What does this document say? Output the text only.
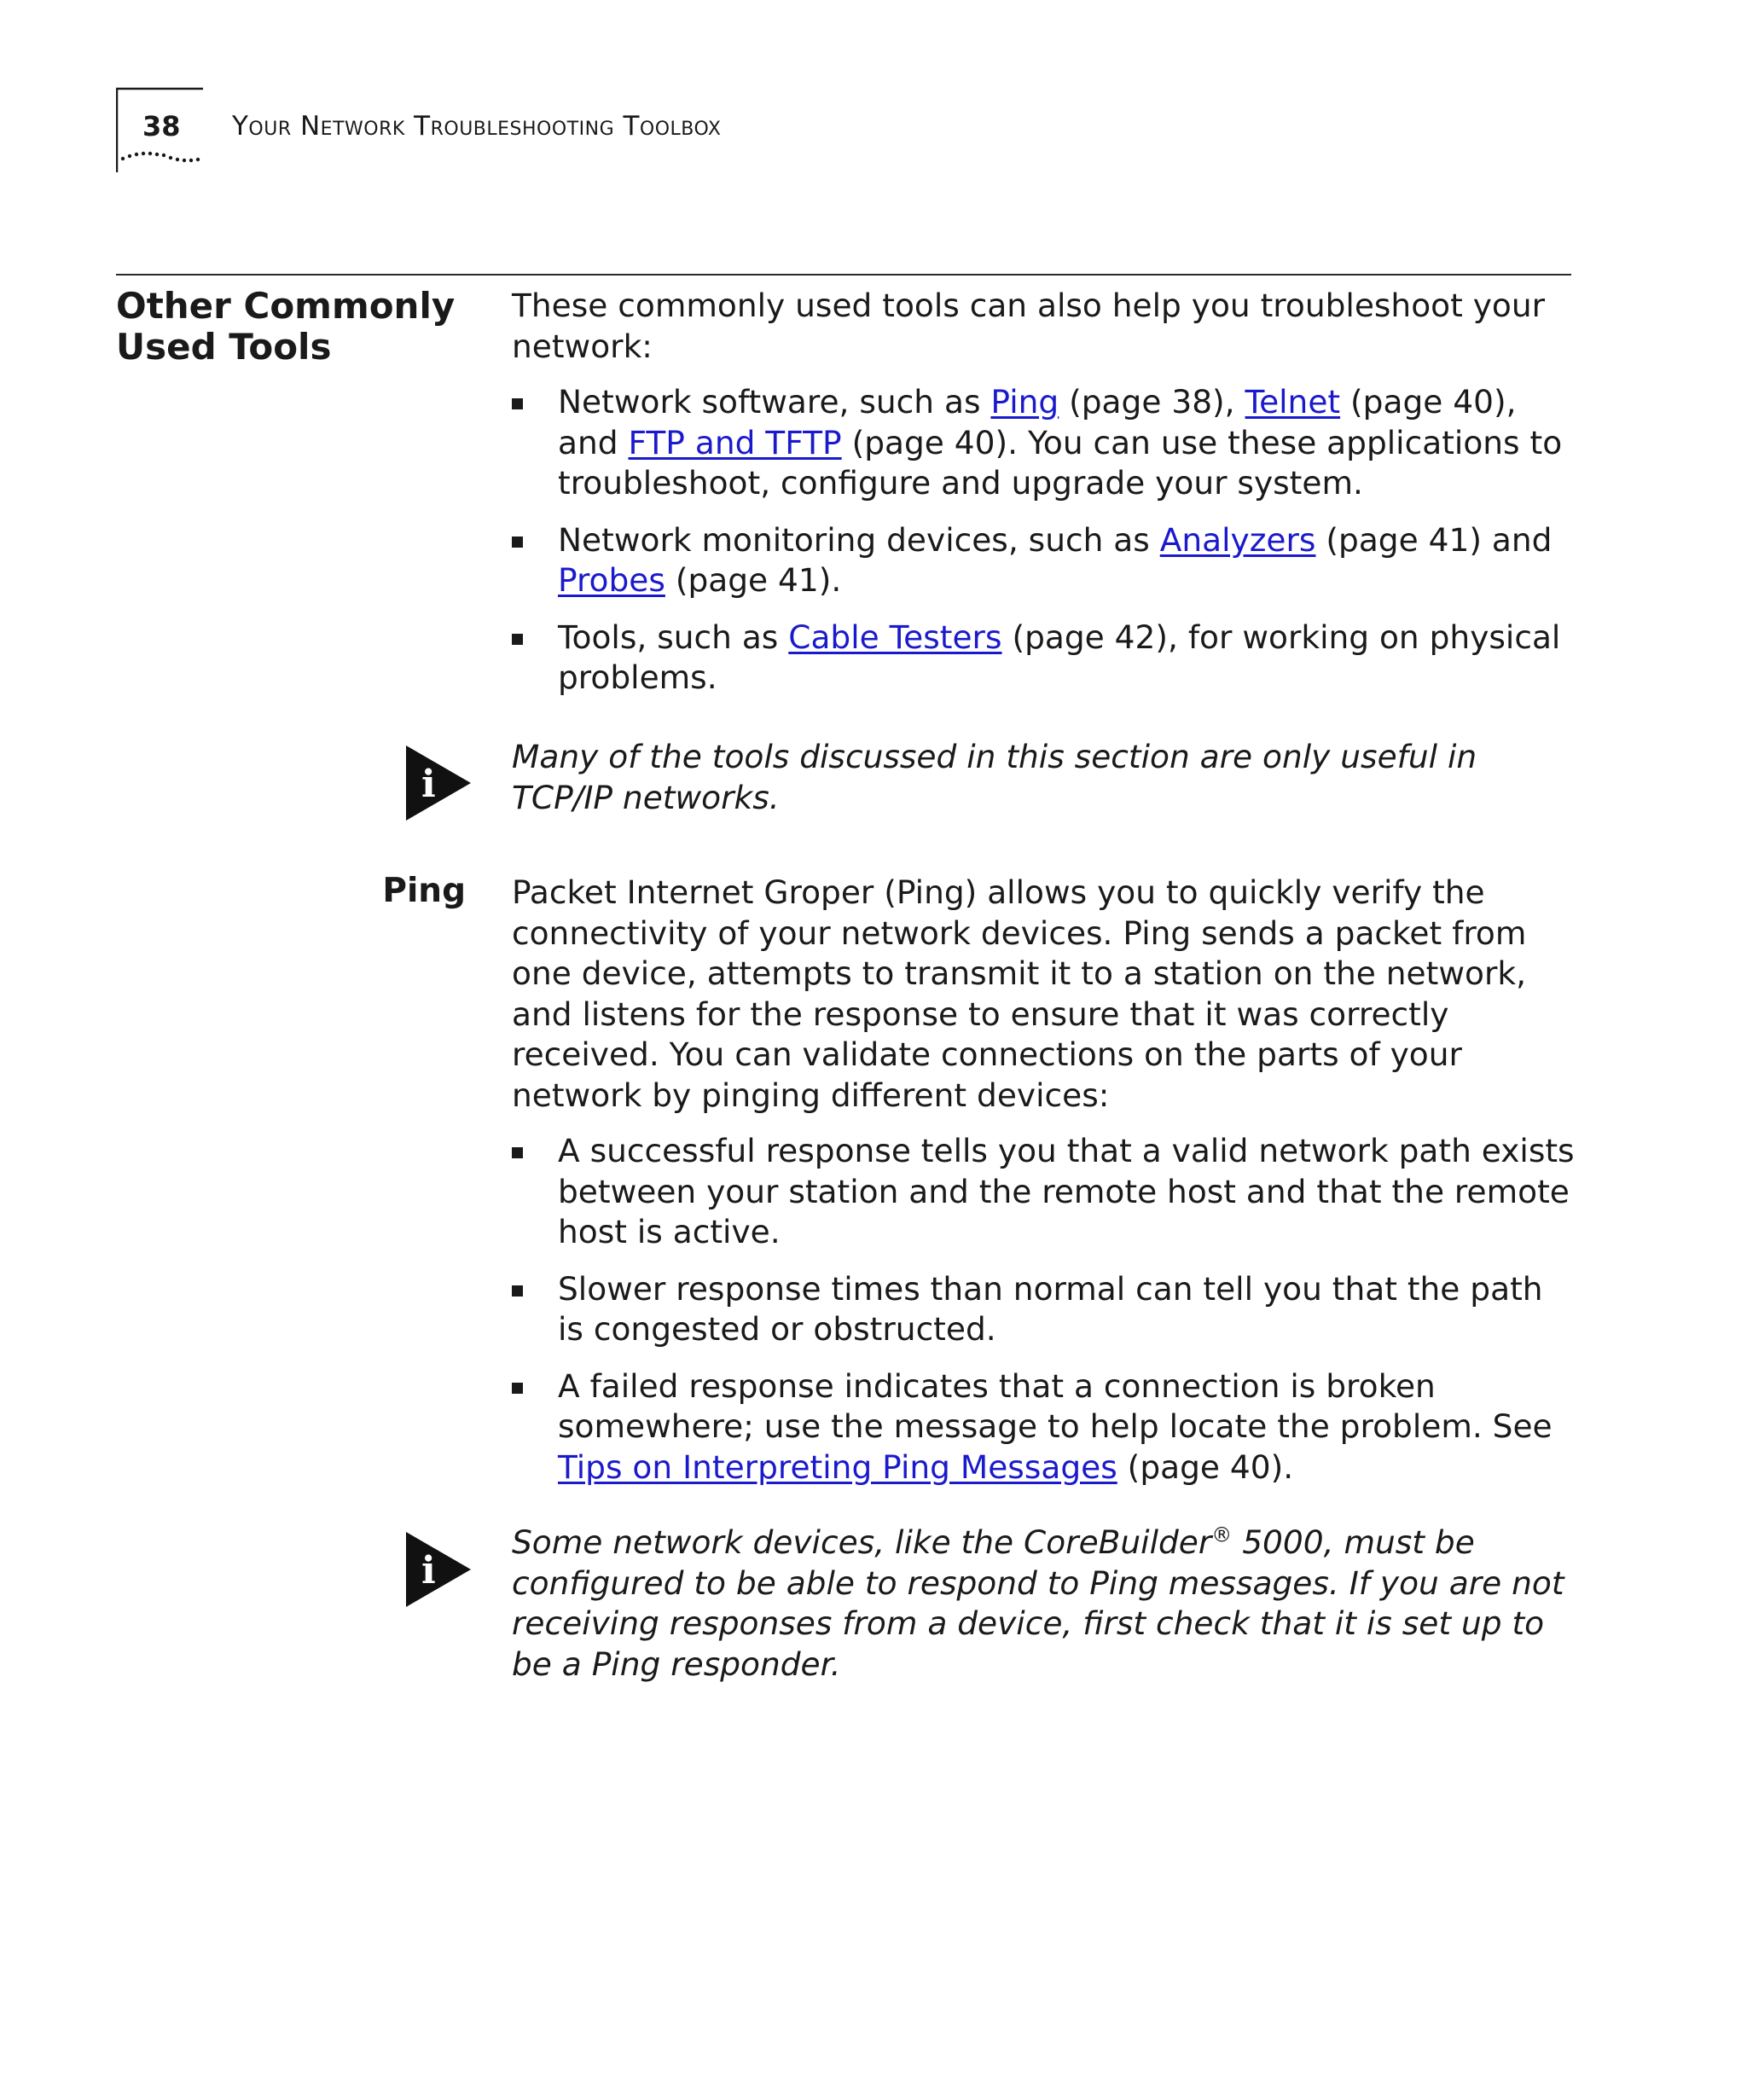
38 Your Network Troubleshooting Toolbox
Other Commonly Used Tools

These commonly used tools can also help you troubleshoot your network:

Network software, such as Ping (page 38), Telnet (page 40), and FTP and TFTP (page 40). You can use these applications to troubleshoot, configure and upgrade your system.
Network monitoring devices, such as Analyzers (page 41) and Probes (page 41).
Tools, such as Cable Testers (page 42), for working on physical problems.
i

Many of the tools discussed in this section are only useful in TCP/IP networks.

Ping Packet Internet Groper (Ping) allows you to quickly verify the connectivity of your network devices. Ping sends a packet from one device, attempts to transmit it to a station on the network, and listens for the response to ensure that it was correctly received. You can validate connections on the parts of your network by pinging different devices:

A successful response tells you that a valid network path exists between your station and the remote host and that the remote host is active.
Slower response times than normal can tell you that the path is congested or obstructed.
A failed response indicates that a connection is broken somewhere; use the message to help locate the problem. See Tips on Interpreting Ping Messages (page 40).
i

Some network devices, like the CoreBuilder® 5000, must be configured to be able to respond to Ping messages. If you are not receiving responses from a device, first check that it is set up to be a Ping responder.
